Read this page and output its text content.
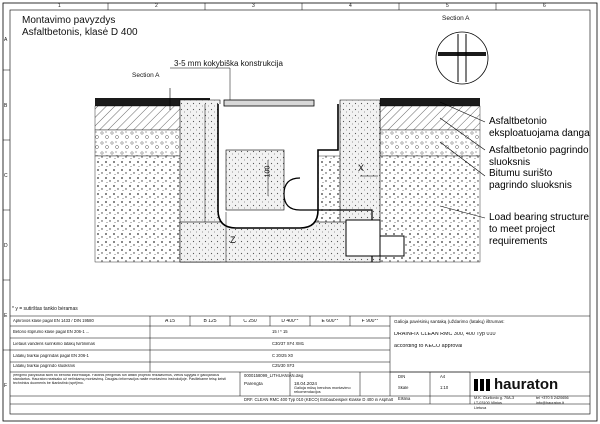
Montavimo pavyzdys
Asfaltbetonis, klasė D 400
Section A
Section A
3-5 mm kokybiška konstrukcija
X
Z
100
Asfaltbetonio
eksploatuojama danga
Asfaltbetonio pagrindo
sluoksnis
Bitumu surišto
pagrindo sluoksnis
Load bearing structure
to meet project
requirements
* y = sutirštas tankio bėramas
1	2	3	4	5	6
A
B
C
D
E
F
Apkrovos klasė pagal EN 1433 / DIN 19580	A 15	B 125	C 250	D 400**	E 600**	F 900**
Betono stiprumo klasė pagal EN 206-1 ...	15 / * 15
Lietaus vandens surinkimo latakų tvirtinimas	C30/37 XF4 XM1
Latakų tvarkai pagrindas pagal EN 206-1	C 20/25 X0
Latakų tvarkai pagrindo sluoksnis	C25/30 XF3
Galioja pavėsinių santaką (uždarimo (latakų) ištrumas:
DRAINFIX CLEAN RMC 300, 400 Typ 010
according to KECO approval
Įrengimo pavyzdžiai skirti tik bendrai informacijai. Faktinis įrengimas turi atitikti projekto reikalavimus, vietos sąlygas ir galiojančius standartus. Hauraton neatsako už netinkamą montavimą. Daugiau informacijos rasite montavimo instrukcijoje. Pasiliekame teisę keisti techninius duomenis be išankstinio įspėjimo.	Parengta	18.04.2024
0000158099_LITHUANIAN.dwg
Galioja mūsų bendros montavimo rekomendacijos
DIN	A4
Skalė	1:10
Elšlina
DRF. CLEAN RMC 400 Typ 010 (KECO) Einbaubeispiel Klasse D 400 in Asphalt
hauraton
M.K. Čiurlionio g. 70A-3
LT-03100 Vilnius
Lietuva
tel +370 5 2420656
info@hauraton.lt
